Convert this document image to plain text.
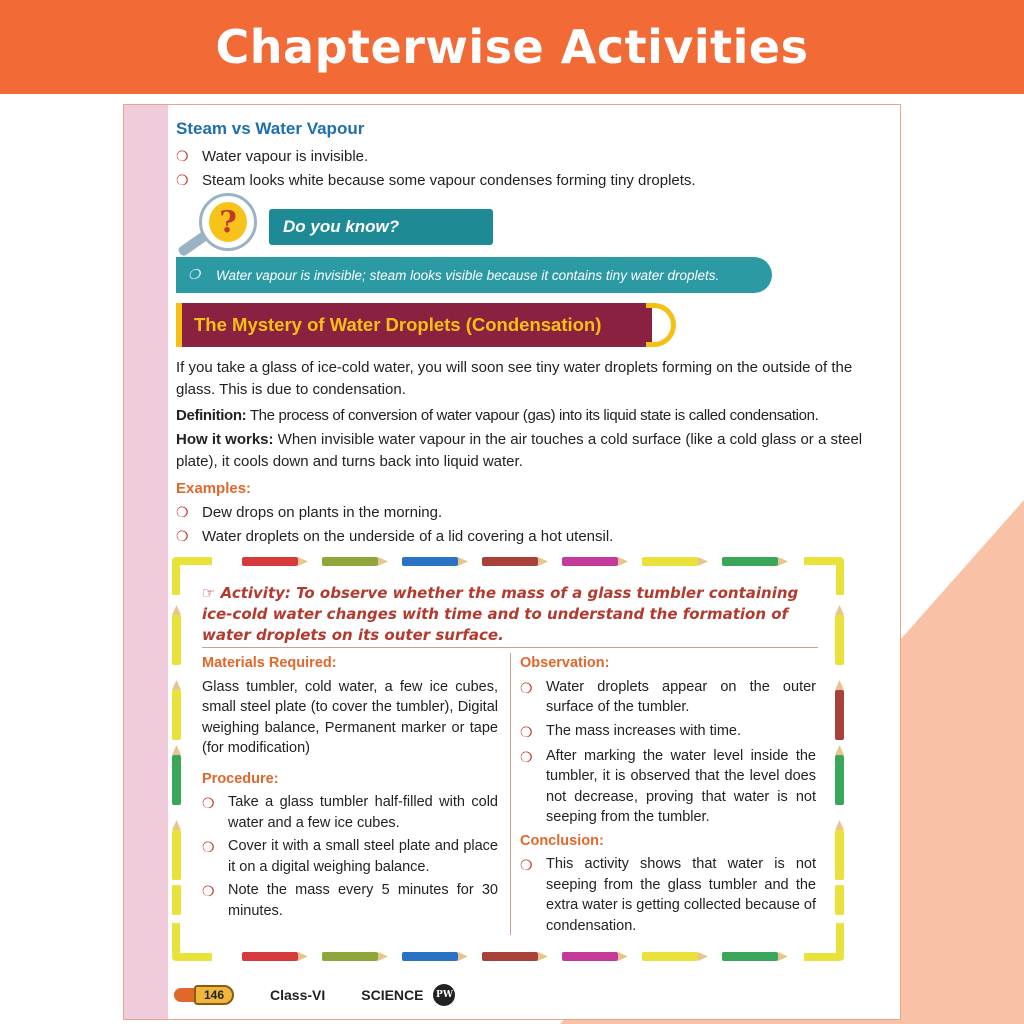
Chapterwise Activities
Steam vs Water Vapour
❍ Water vapour is invisible.
❍ Steam looks white because some vapour condenses forming tiny droplets.
?	Do you know?
❍	Water vapour is invisible; steam looks visible because it contains tiny water droplets.
The Mystery of Water Droplets (Condensation)
If you take a glass of ice-cold water, you will soon see tiny water droplets forming on the outside of the glass. This is due to condensation.
Definition: The process of conversion of water vapour (gas) into its liquid state is called condensation.
How it works: When invisible water vapour in the air touches a cold surface (like a cold glass or a steel plate), it cools down and turns back into liquid water.
Examples:
❍ Dew drops on plants in the morning.
❍ Water droplets on the underside of a lid covering a hot utensil.
☞ Activity: To observe whether the mass of a glass tumbler containing ice-cold water changes with time and to understand the formation of water droplets on its outer surface.
Materials Required:
Glass tumbler, cold water, a few ice cubes, small steel plate (to cover the tumbler), Digital weighing balance, Permanent marker or tape (for modification)
Procedure:
❍ Take a glass tumbler half-filled with cold water and a few ice cubes.
❍ Cover it with a small steel plate and place it on a digital weighing balance.
❍ Note the mass every 5 minutes for 30 minutes.
Observation:
❍ Water droplets appear on the outer surface of the tumbler.
❍ The mass increases with time.
❍ After marking the water level inside the tumbler, it is observed that the level does not decrease, proving that water is not seeping from the tumbler.
Conclusion:
❍ This activity shows that water is not seeping from the glass tumbler and the extra water is getting collected because of condensation.
146	Class-VI	SCIENCE PW
